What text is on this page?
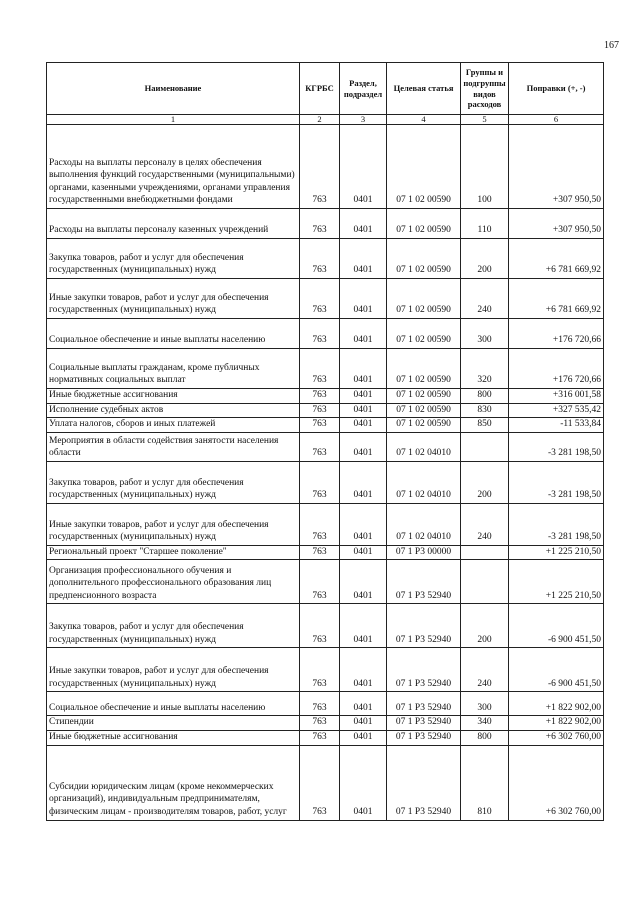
167
Наименование	КГРБС	Раздел, подраздел	Целевая статья	Группы и подгруппы видов расходов	Поправки (+, -)
1	2	3	4	5	6
Расходы на выплаты персоналу в целях обеспечения выполнения функций государственными (муниципальными) органами, казенными учреждениями, органами управления государственными внебюджетными фондами	763	0401	07 1 02 00590	100	+307 950,50
Расходы на выплаты персоналу казенных учреждений	763	0401	07 1 02 00590	110	+307 950,50
Закупка товаров, работ и услуг для обеспечения государственных (муниципальных) нужд	763	0401	07 1 02 00590	200	+6 781 669,92
Иные закупки товаров, работ и услуг для обеспечения государственных (муниципальных) нужд	763	0401	07 1 02 00590	240	+6 781 669,92
Социальное обеспечение и иные выплаты населению	763	0401	07 1 02 00590	300	+176 720,66
Социальные выплаты гражданам, кроме публичных нормативных социальных выплат	763	0401	07 1 02 00590	320	+176 720,66
Иные бюджетные ассигнования	763	0401	07 1 02 00590	800	+316 001,58
Исполнение судебных актов	763	0401	07 1 02 00590	830	+327 535,42
Уплата налогов, сборов и иных платежей	763	0401	07 1 02 00590	850	-11 533,84
Мероприятия в области содействия занятости населения области	763	0401	07 1 02 04010		-3 281 198,50
Закупка товаров, работ и услуг для обеспечения государственных (муниципальных) нужд	763	0401	07 1 02 04010	200	-3 281 198,50
Иные закупки товаров, работ и услуг для обеспечения государственных (муниципальных) нужд	763	0401	07 1 02 04010	240	-3 281 198,50
Региональный проект "Старшее поколение"	763	0401	07 1 P3 00000		+1 225 210,50
Организация профессионального обучения и дополнительного профессионального образования лиц предпенсионного возраста	763	0401	07 1 P3 52940		+1 225 210,50
Закупка товаров, работ и услуг для обеспечения государственных (муниципальных) нужд	763	0401	07 1 P3 52940	200	-6 900 451,50
Иные закупки товаров, работ и услуг для обеспечения государственных (муниципальных) нужд	763	0401	07 1 P3 52940	240	-6 900 451,50
Социальное обеспечение и иные выплаты населению	763	0401	07 1 P3 52940	300	+1 822 902,00
Стипендии	763	0401	07 1 P3 52940	340	+1 822 902,00
Иные бюджетные ассигнования	763	0401	07 1 P3 52940	800	+6 302 760,00
Субсидии юридическим лицам (кроме некоммерческих организаций), индивидуальным предпринимателям, физическим лицам - производителям товаров, работ, услуг	763	0401	07 1 P3 52940	810	+6 302 760,00
